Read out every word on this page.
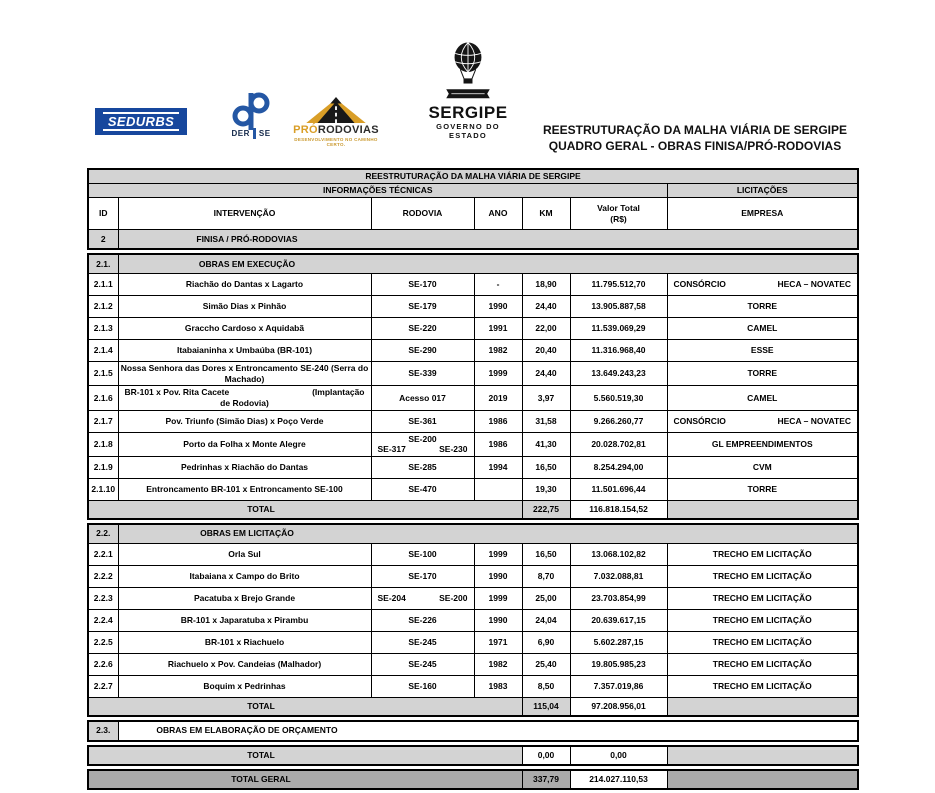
SEDURBS
DER SE PRÓRODOVIAS
DESENVOLVIMENTO NO CAMINHO CERTO.
SERGIPE
GOVERNO DO ESTADO	REESTRUTURAÇÃO DA MALHA VIÁRIA DE SERGIPE
QUADRO GERAL - OBRAS FINISA/PRÓ-RODOVIAS
REESTRUTURAÇÃO DA MALHA VIÁRIA DE SERGIPE						
INFORMAÇÕES TÉCNICAS						LICITAÇÕES
ID	INTERVENÇÃO	RODOVIA	ANO	KM	Valor Total
(R$)	EMPRESA
2	FINISA / PRÓ-RODOVIAS					
2.1.	OBRAS EM EXECUÇÃO					

2.1.1	Riachão do Dantas x Lagarto	SE-170	-	18,90	11.795.512,70	CONSÓRCIO HECA – NOVATEC

2.1.2	Simão Dias x Pinhão	SE-179	1990	24,40	13.905.887,58	TORRE
2.1.3	Graccho Cardoso x Aquidabã	SE-220	1991	22,00	11.539.069,29	CAMEL
2.1.4	Itabaianinha x Umbaúba (BR-101)	SE-290	1982	20,40	11.316.968,40	ESSE
2.1.5	Nossa Senhora das Dores x Entroncamento SE-240 (Serra do Machado)	SE-339	1999	24,40	13.649.243,23	TORRE
2.1.6	BR-101 x Pov. Rita Cacete (Implantação
de Rodovia)	Acesso 017	2019	3,97	5.560.519,30	CAMEL
2.1.7	Pov. Triunfo (Simão Dias) x Poço Verde	SE-361	1986	31,58	9.266.260,77	CONSÓRCIO HECA – NOVATEC

2.1.8	Porto da Folha x Monte Alegre	SE-200
SE-317 SE-230	1986	41,30	20.028.702,81	GL EMPREENDIMENTOS
2.1.9	Pedrinhas x Riachão do Dantas	SE-285	1994	16,50	8.254.294,00	CVM
2.1.10	Entroncamento BR-101 x Entroncamento SE-100	SE-470		19,30	11.501.696,44	TORRE

TOTAL				222,75	116.818.154,52	
2.2.	OBRAS EM LICITAÇÃO					

2.2.1	Orla Sul	SE-100	1999	16,50	13.068.102,82	TRECHO EM LICITAÇÃO
2.2.2	Itabaiana x Campo do Brito	SE-170	1990	8,70	7.032.088,81	TRECHO EM LICITAÇÃO
2.2.3	Pacatuba x Brejo Grande	SE-204 SE-200	1999	25,00	23.703.854,99	TRECHO EM LICITAÇÃO
2.2.4	BR-101 x Japaratuba x Pirambu	SE-226	1990	24,04	20.639.617,15	TRECHO EM LICITAÇÃO
2.2.5	BR-101 x Riachuelo	SE-245	1971	6,90	5.602.287,15	TRECHO EM LICITAÇÃO
2.2.6	Riachuelo x Pov. Candeias (Malhador)	SE-245	1982	25,40	19.805.985,23	TRECHO EM LICITAÇÃO
2.2.7	Boquim x Pedrinhas	SE-160	1983	8,50	7.357.019,86	TRECHO EM LICITAÇÃO

TOTAL				115,04	97.208.956,01	
2.3.	OBRAS EM ELABORAÇÃO DE ORÇAMENTO
TOTAL	0,00	0,00	
TOTAL GERAL	337,79	214.027.110,53	
